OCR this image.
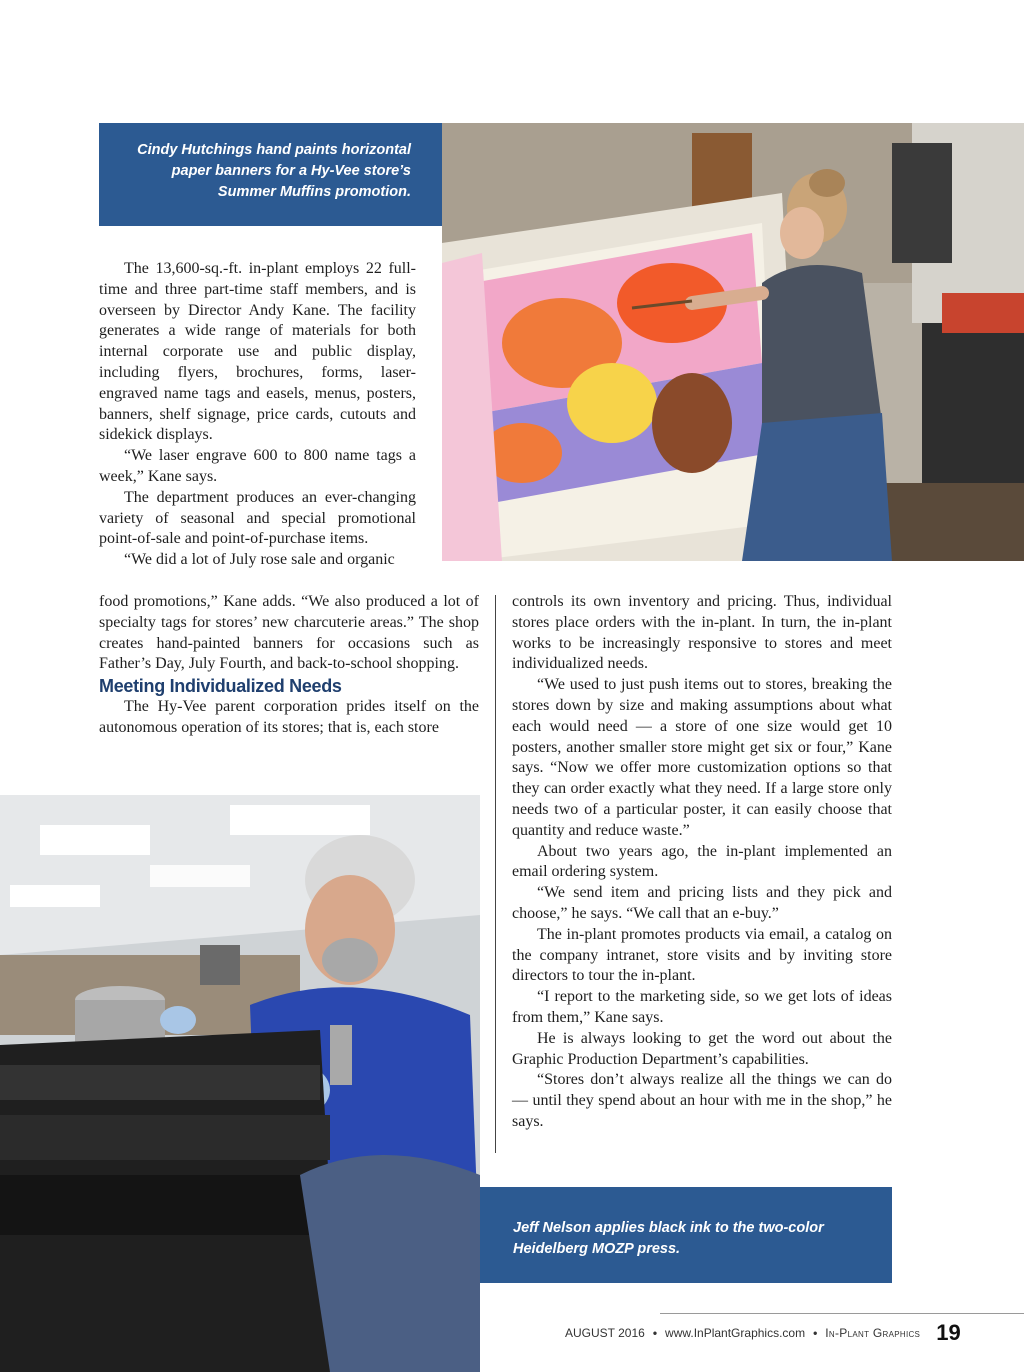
Cindy Hutchings hand paints horizontal paper banners for a Hy-Vee store’s Summer Muffins promotion.

The 13,600-sq.-ft. in-plant employs 22 full-time and three part-time staff members, and is overseen by Director Andy Kane. The facility generates a wide range of materials for both internal corporate use and public display, including flyers, brochures, forms, laser-engraved name tags and easels, menus, posters, banners, shelf signage, price cards, cutouts and sidekick displays.

“We laser engrave 600 to 800 name tags a week,” Kane says.

The department produces an ever-changing variety of seasonal and special promotional point-of-sale and point-of-purchase items.

“We did a lot of July rose sale and organic

food promotions,” Kane adds. “We also produced a lot of specialty tags for stores’ new charcuterie areas.” The shop creates hand-painted banners for occasions such as Father’s Day, July Fourth, and back-to-school shopping.

Meeting Individualized Needs

The Hy-Vee parent corporation prides itself on the autonomous operation of its stores; that is, each store

controls its own inventory and pricing. Thus, individual stores place orders with the in-plant. In turn, the in-plant works to be increasingly responsive to stores and meet individualized needs.

“We used to just push items out to stores, breaking the stores down by size and making assumptions about what each would need — a store of one size would get 10 posters, another smaller store might get six or four,” Kane says. “Now we offer more customization options so that they can order exactly what they need. If a large store only needs two of a particular poster, it can easily choose that quantity and reduce waste.”

About two years ago, the in-plant implemented an email ordering system.

“We send item and pricing lists and they pick and choose,” he says. “We call that an e-buy.”

The in-plant promotes products via email, a catalog on the company intranet, store visits and by inviting store directors to tour the in-plant.

“I report to the marketing side, so we get lots of ideas from them,” Kane says.

He is always looking to get the word out about the Graphic Production Department’s capabilities.

“Stores don’t always realize all the things we can do — until they spend about an hour with me in the shop,” he says.

Jeff Nelson applies black ink to the two-color Heidelberg MOZP press.
AUGUST 2016 • www.InPlantGraphics.com • In-Plant Graphics 19
